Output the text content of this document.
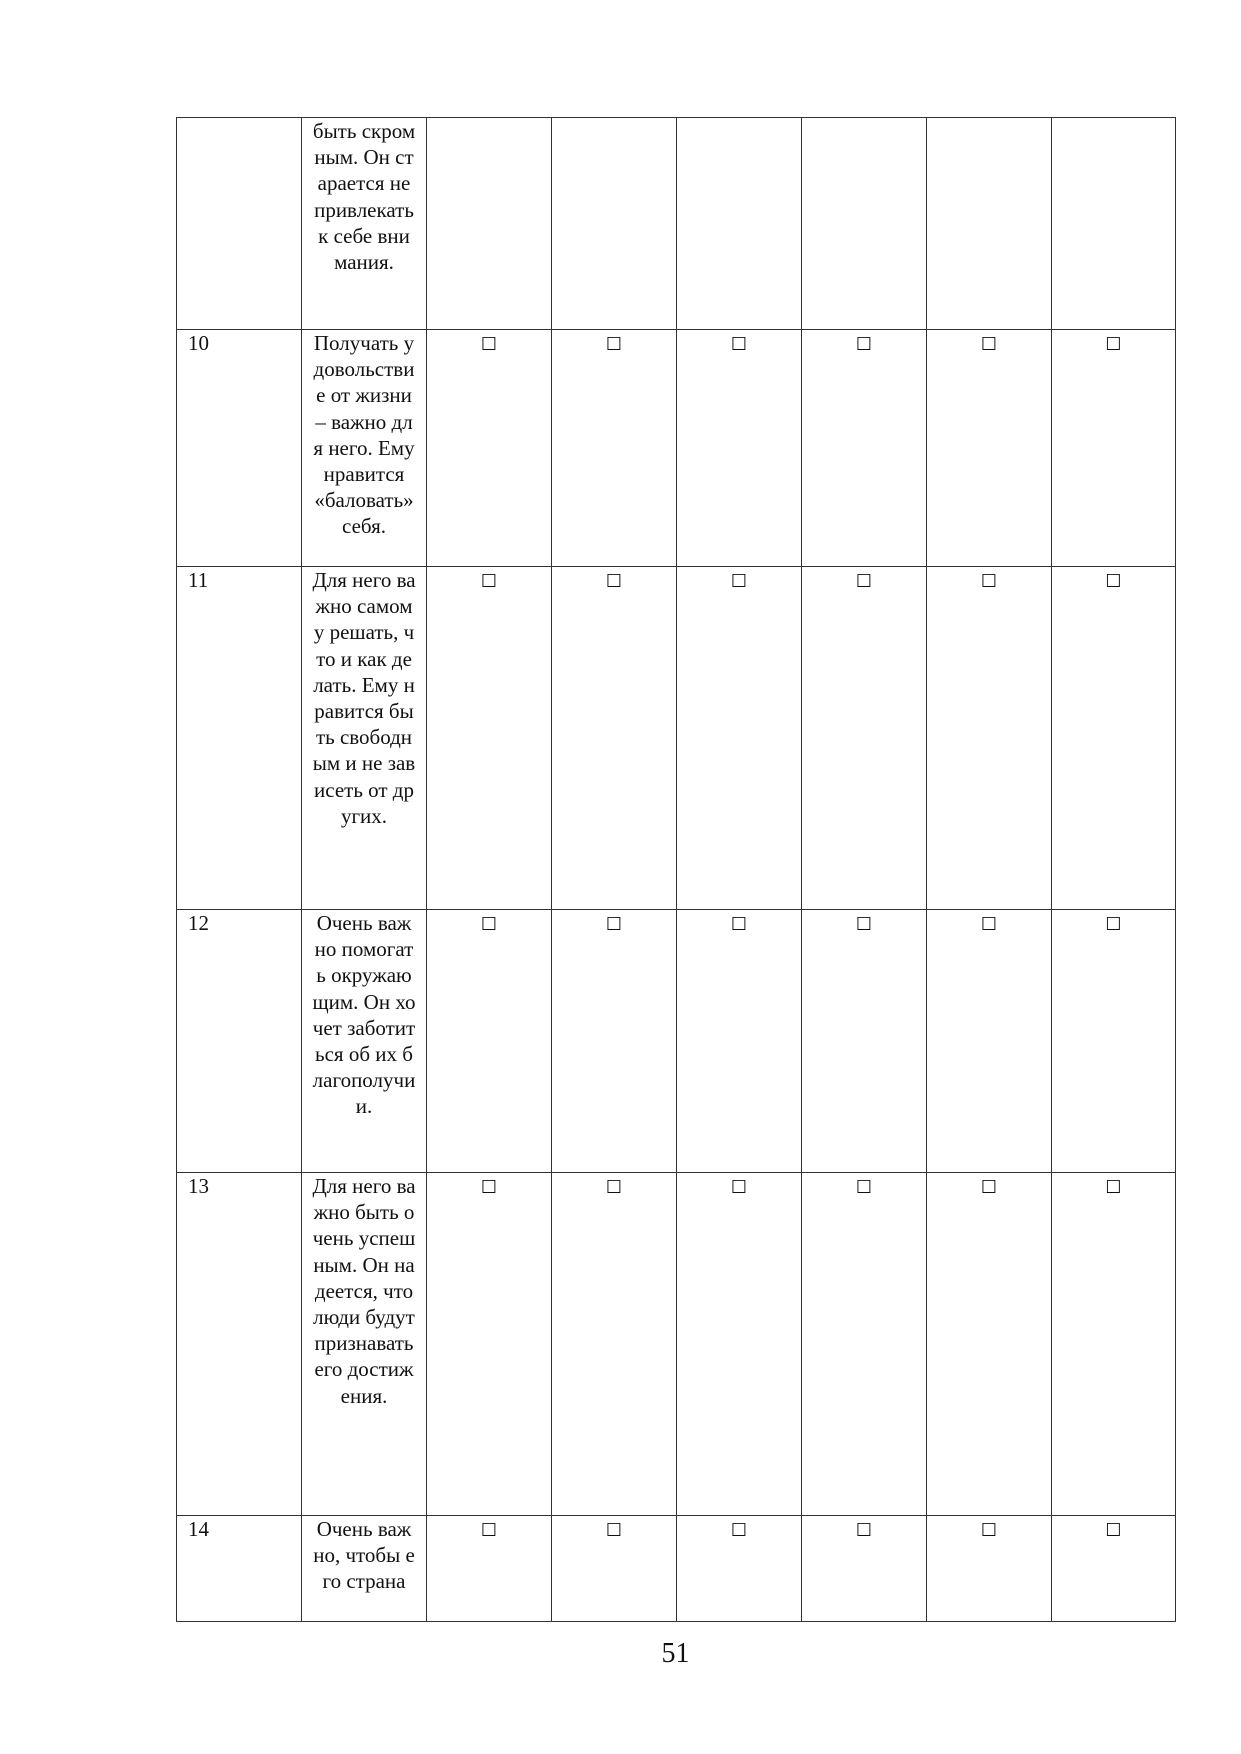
	быть скромным. Он старается не привлекать к себе внимания.						
10	Получать удовольствие от жизни – важно для него. Ему нравится «баловать» себя.	☐	☐	☐	☐	☐	☐
11	Для него важно самому решать, что и как делать. Ему нравится быть свободным и не зависеть от других.	☐	☐	☐	☐	☐	☐
12	Очень важно помогать окружающим. Он хочет заботиться об их благополучии.	☐	☐	☐	☐	☐	☐
13	Для него важно быть очень успешным. Он надеется, что люди будут признавать его достижения.	☐	☐	☐	☐	☐	☐
14	Очень важно, чтобы его страна	☐	☐	☐	☐	☐	☐
51
